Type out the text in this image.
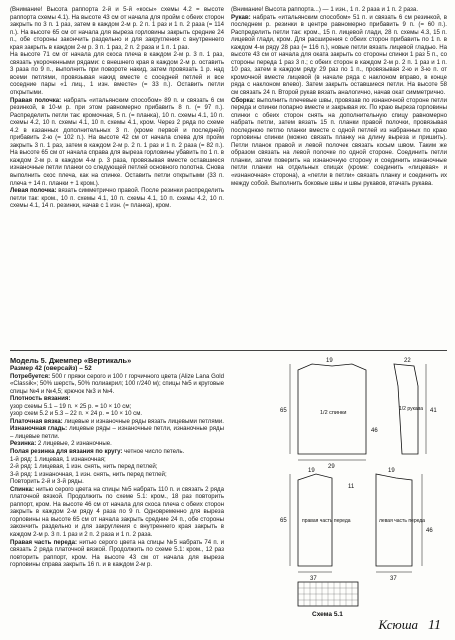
(Внимание! Высота раппорта 2-й и 5-й «косы» схемы 4.2 = высоте раппорта схемы 4.1). На высоте 43 см от начала для пройм с обеих сторон закрыть по 3 п. 1 раз, затем в каждом 2-м р. 2 п. 1 раз и 1 п. 2 раза (= 114 п.). На высоте 65 см от начала для выреза горловины закрыть средние 24 п., обе стороны закончить раздельно и для закругления с внутреннего края закрыть в каждом 2-м р. 3 п. 1 раз, 2 п. 2 раза и 1 п. 1 раз.

На высоте 71 см от начала для скоса плеча в каждом 2-м р. 3 п. 1 раз, связать укороченными рядами: с внешнего края в каждом 2-м р. оставить 3 раза по 9 п., выполнить при повороте накид, затем провязать 1 р. над всеми петлями, провязывая накид вместе с соседней петлей и все соседние пары «1 лиц., 1 изн. вместе» (= 33 п.). Оставить петли открытыми.

Правая полочка: набрать «итальянским способом» 89 п. и связать 6 см резинкой, в 10-м р. при этом равномерно прибавить 8 п. (= 97 п.). Распределить петли так: кромочная, 5 п. (= планка), 10 п. схемы 4.1, 10 п. схемы 4.2, 10 п. схемы 4.1, 10 п. схемы 4.1, кром. Через 2 ряда по схеме 4.2 в казанных дополнительных 3 п. (кроме первой и последней) прибавить 2-ю (= 102 п.). На высоте 42 см от начала слева для пройм закрыть 3 п. 1 раз, затем в каждом 2-м р. 2 п. 1 раз и 1 п. 2 раза (= 82 п.). На высоте 65 см от начала справа для выреза горловины убавить по 1 п. в каждом 2-м р. в каждом 4-м р. 3 раза, провязывая вместе оставшиеся изнаночные петли планки со следующей петлей основного полотна. Снова выполнить скос плеча, как на спинке. Оставить петли открытыми (33 п. плеча + 14 п. планки + 1 кром.).

Левая полочка: вязать симметрично правой. После резинки распределить петли так: кром., 10 п. схемы 4.1, 10 п. схемы 4.1, 10 п. схемы 4.2, 10 п. схемы 4.1, 14 п. резинки, начав с 1 изн. (= планка), кром.

(Внимание! Высота раппорта...) — 1 изн., 1 п. 2 раза и 1 п. 2 раза.

Рукав: набрать «итальянским способом» 51 п. и связать 6 см резинкой, в последнем р. резинки в центре равномерно прибавить 9 п. (= 60 п.). Распределить петли так: кром., 15 п. лицевой глади, 28 п. схемы 4.3, 15 п. лицевой глади, кром. Для расширения с обеих сторон прибавить по 1 п. в каждом 4-м ряду 28 раз (= 116 п.), новые петли вязать лицевой гладью. На высоте 43 см от начала для оката закрыть со стороны спинки 1 раз 5 п., со стороны переда 1 раз 3 п.; с обеих сторон в каждом 2-м р. 2 п. 1 раз и 1 п. 10 раз, затем в каждом ряду 29 раз по 1 п., провязывая 2-ю и 3-ю п. от кромочной вместе лицевой (в начале ряда с наклоном вправо, в конце ряда с наклоном влево). Затем закрыть оставшиеся петли. На высоте 58 см связать 24 п. Второй рукав вязать аналогично, начав окат симметрично.

Сборка: выполнить плечевые швы, провязав по изнаночной стороне петли переда и спинки попарно вместе и закрывая их. По краю выреза горловины спинки с обеих сторон снять на дополнительную спицу равномерно набрать петли, затем вязать 15 п. планки правой полочки, провязывая последнюю петлю планки вместе с одной петлей из набранных по краю горловины спинки (можно связать планку на длину выреза и пришить). Петли планок правой и левой полочек связать косым швом. Таким же образом связать на левой полочке по одной стороне. Соединить петли планки, затем поверить на изнаночную сторону и соединить изнаночные петли планки на отдельных спицах (кроме: соединить «лицевая» и «изнаночная» сторона), а «петли в петли» связать планку и соединить их между собой. Выполнить боковые швы и швы рукавов, втачать рукава.

Модель 5. Джемпер «Вертикаль»

Размер 42 (оверсайз) – 52

Потребуется: 500 г пряжи серого и 100 г горчичного цвета (Alize Lana Gold «Classik»; 50% шерсть, 50% полиакрил; 100 г/240 м); спицы №5 и круговые спицы №4 и №4,5; крючок №3 и №4.

Плотность вязания:

узор схемы 5.1 – 19 п. × 25 р. = 10 × 10 см;

узор схем 5.2 и 5.3 – 22 п. × 24 р. = 10 × 10 см.

Платочная вязка: лицевые и изнаночные ряды вязать лицевыми петлями.

Изнаночная гладь: лицевые ряды – изнаночные петли, изнаночные ряды – лицевые петли.

Резинка: 2 лицевые, 2 изнаночные.

Полая резинка для вязания по кругу: четное число петель.

1-й ряд: 1 лицевая, 1 изнаночная;

2-й ряд: 1 лицевая, 1 изн. снять, нить перед петлей;

3-й ряд: 1 изнаночная, 1 изн. снять, нить перед петлей;

Повторить 2-й и 3-й ряды.

Спинка: нитью серого цвета на спицы №5 набрать 110 п. и связать 2 ряда платочной вязкой. Продолжить по схеме 5.1: кром., 18 раз повторить раппорт, кром. На высоте 46 см от начала для скоса плеча с обеих сторон закрыть в каждом 2-м ряду 4 раза по 9 п. Одновременно для выреза горловины на высоте 65 см от начала закрыть средние 24 п., обе стороны закончить раздельно и для закругления с внутреннего края закрыть в каждом 2-м р. 3 п. 1 раз и 2 п. 2 раза и 1 п. 2 раза.

Правая часть переда: нитью серого цвета на спицы №5 набрать 74 п. и связать 2 ряда платочной вязкой. Продолжить по схеме 5.1: кром., 12 раз повторить раппорт, кром. На высоте 43 см от начала для выреза горловины справа закрыть 16 п. и в каждом 2-м р.

19
65
46
29
1/2 спинки
22
1/2 рукава 41
19	19
11
65
46
правая часть переда	левая часть переда
37	37
Схема 5.1
Ксюша 11
